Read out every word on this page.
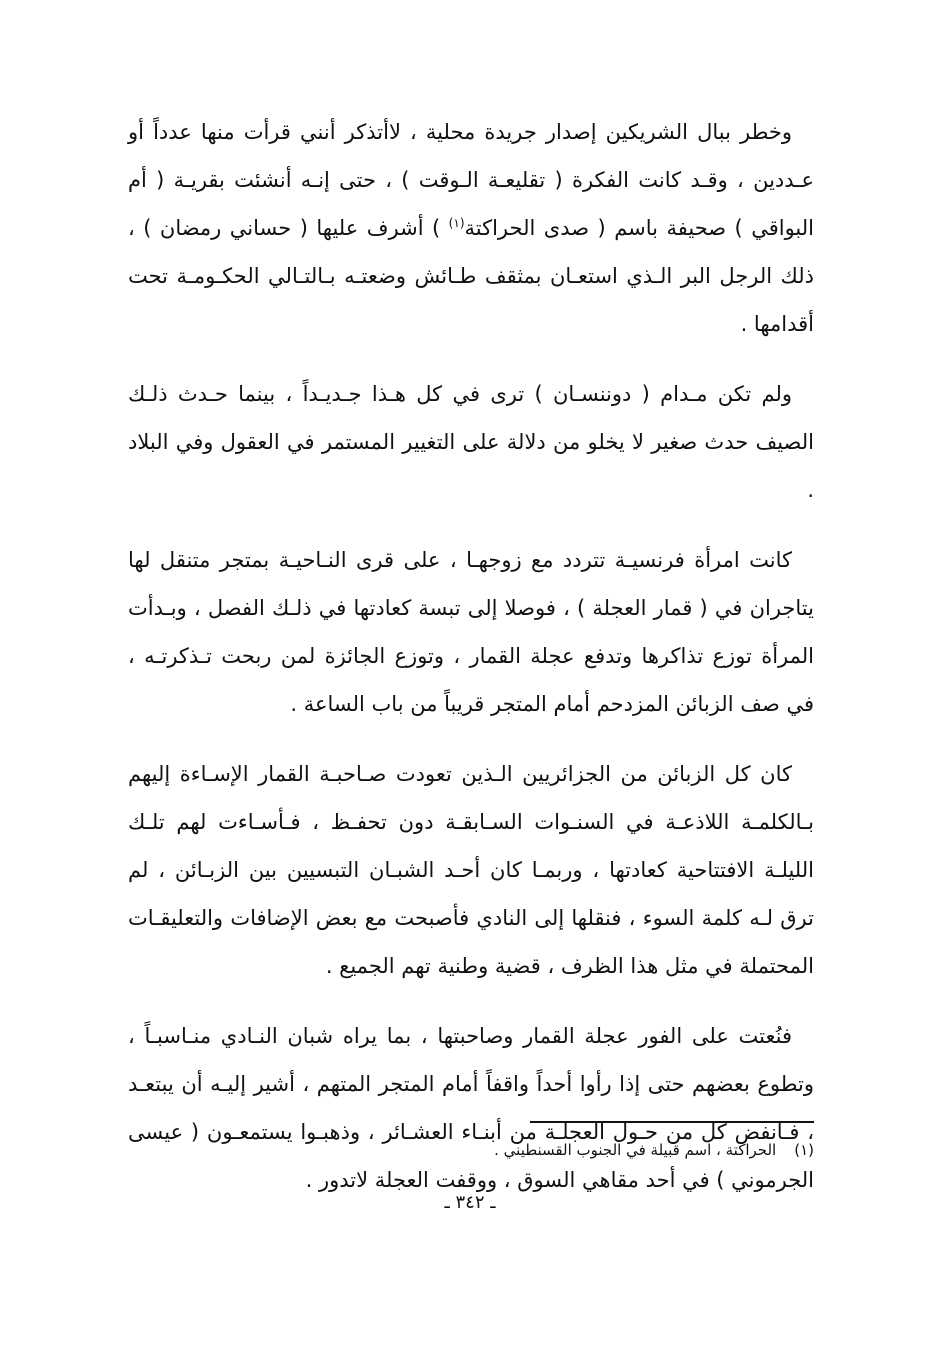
وخطر ببال الشريكين إصدار جريدة محلية ، لاأتذكر أنني قرأت منها عدداً أو عـددين ، وقـد كانت الفكرة ( تقليعـة الـوقت ) ، حتى إنـه أنشئت بقريـة ( أم البواقي ) صحيفة باسم ( صدى الحراكتة$^{(١)}$ ) أشرف عليها ( حساني رمضان ) ، ذلك الرجل البر الـذي استعـان بمثقف طـائش وضعتـه بـالتـالي الحكـومـة تحت أقدامها .

ولم تكن مـدام ( دوننسـان ) ترى في كل هـذا جـديـداً ، بينما حـدث ذلـك الصيف حدث صغير لا يخلو من دلالة على التغيير المستمر في العقول وفي البلاد .

كانت امرأة فرنسيـة تتردد مع زوجهـا ، على قرى النـاحيـة بمتجر متنقل لها يتاجران في ( قمار العجلة ) ، فوصلا إلى تبسة كعادتها في ذلـك الفصل ، وبـدأت المرأة توزع تذاكرها وتدفع عجلة القمار ، وتوزع الجائزة لمن ربحت تـذكرتـه ، في صف الزبائن المزدحم أمام المتجر قريباً من باب الساعة .

كان كل الزبائن من الجزائريين الـذين تعودت صـاحبـة القمار الإسـاءة إليهم بـالكلمـة اللاذعـة في السنـوات السـابقـة دون تحفـظ ، فـأسـاءت لهم تلـك الليلـة الافتتاحية كعادتها ، وربمـا كان أحـد الشبـان التبسيين بين الزبـائن ، لم ترق لـه كلمة السوء ، فنقلها إلى النادي فأصبحت مع بعض الإضافات والتعليقـات المحتملة في مثل هذا الظرف ، قضية وطنية تهم الجميع .

فنُعتت على الفور عجلة القمار وصاحبتها ، بما يراه شبان النـادي منـاسبـاً ، وتطوع بعضهم حتى إذا رأوا أحداً واقفاً أمام المتجر المتهم ، أشير إليـه أن يبتعـد ، فـانفض كل من حـول العجلـة من أبنـاء العشـائر ، وذهبـوا يستمعـون ( عيسى الجرموني ) في أحد مقاهي السوق ، ووقفت العجلة لاتدور .

(١)الحراكتة ، اسم قبيلة في الجنوب القسنطيني .
ـ ٣٤٢ ـ
